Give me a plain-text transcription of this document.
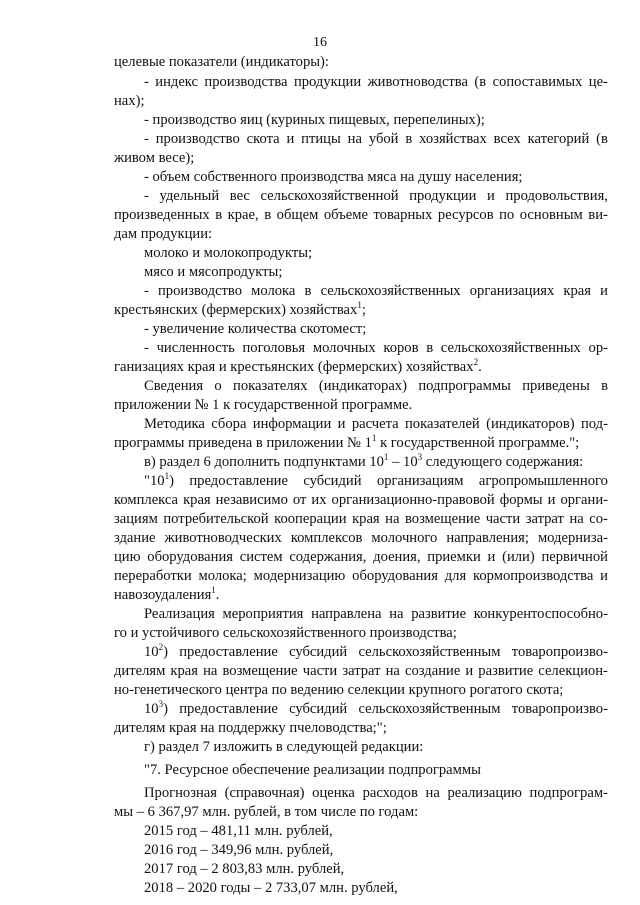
16
целевые показатели (индикаторы):
- индекс производства продукции животноводства (в сопоставимых це-
нах);
- производство яиц (куриных пищевых, перепелиных);
- производство скота и птицы на убой в хозяйствах всех категорий (в
живом весе);
- объем собственного производства мяса на душу населения;
- удельный вес сельскохозяйственной продукции и продовольствия,
произведенных в крае, в общем объеме товарных ресурсов по основным ви-
дам продукции:
молоко и молокопродукты;
мясо и мясопродукты;
- производство молока в сельскохозяйственных организациях края и
крестьянских (фермерских) хозяйствах$^1$;
- увеличение количества скотомест;
- численность поголовья молочных коров в сельскохозяйственных ор-
ганизациях края и крестьянских (фермерских) хозяйствах$^2$.
Сведения о показателях (индикаторах) подпрограммы приведены в
приложении № 1 к государственной программе.
Методика сбора информации и расчета показателей (индикаторов) под-
программы приведена в приложении № $1^1$ к государственной программе.";
в) раздел 6 дополнить подпунктами $10^1 - 10^3$ следующего содержания:
"$10^1$) предоставление субсидий организациям агропромышленного
комплекса края независимо от их организационно-правовой формы и органи-
зациям потребительской кооперации края на возмещение части затрат на со-
здание животноводческих комплексов молочного направления; модерниза-
цию оборудования систем содержания, доения, приемки и (или) первичной
переработки молока; модернизацию оборудования для кормопроизводства и
навозоудаления$^1$.
Реализация мероприятия направлена на развитие конкурентоспособно-
го и устойчивого сельскохозяйственного производства;
$10^2$) предоставление субсидий сельскохозяйственным товаропроизво-
дителям края на возмещение части затрат на создание и развитие селекцион-
но-генетического центра по ведению селекции крупного рогатого скота;
$10^3$) предоставление субсидий сельскохозяйственным товаропроизво-
дителям края на поддержку пчеловодства;";
г) раздел 7 изложить в следующей редакции:
"7. Ресурсное обеспечение реализации подпрограммы
Прогнозная (справочная) оценка расходов на реализацию подпрограм-
мы – 6 367,97 млн. рублей, в том числе по годам:
2015 год – 481,11 млн. рублей,
2016 год – 349,96 млн. рублей,
2017 год – 2 803,83 млн. рублей,
2018 – 2020 годы – 2 733,07 млн. рублей,
